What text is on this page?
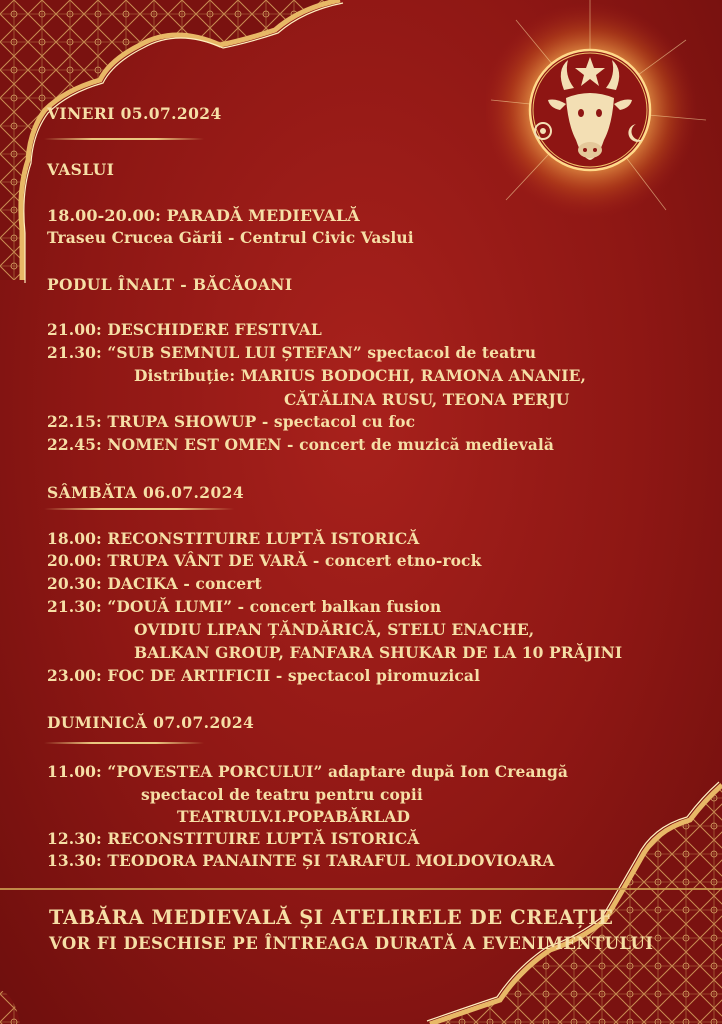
VINERI 05.07.2024
VASLUI
18.00-20.00: PARADĂ MEDIEVALĂ
Traseu Crucea Gării - Centrul Civic Vaslui
PODUL ÎNALT - BĂCĂOANI
21.00: DESCHIDERE FESTIVAL
21.30: “SUB SEMNUL LUI ȘTEFAN” spectacol de teatru
Distribuție: MARIUS BODOCHI, RAMONA ANANIE,
CĂTĂLINA RUSU, TEONA PERJU
22.15: TRUPA SHOWUP - spectacol cu foc
22.45: NOMEN EST OMEN - concert de muzică medievală
SÂMBĂTA 06.07.2024
18.00: RECONSTITUIRE LUPTĂ ISTORICĂ
20.00: TRUPA VÂNT DE VARĂ - concert etno-rock
20.30: DACIKA - concert
21.30: “DOUĂ LUMI” - concert balkan fusion
OVIDIU LIPAN ȚĂNDĂRICĂ, STELU ENACHE,
BALKAN GROUP, FANFARA SHUKAR DE LA 10 PRĂJINI
23.00: FOC DE ARTIFICII - spectacol piromuzical
DUMINICĂ 07.07.2024
11.00: “POVESTEA PORCULUI” adaptare după Ion Creangă
spectacol de teatru pentru copii
TEATRULV.I.POPABĂRLAD
12.30: RECONSTITUIRE LUPTĂ ISTORICĂ
13.30: TEODORA PANAINTE ȘI TARAFUL MOLDOVIOARA
TABĂRA MEDIEVALĂ ȘI ATELIRELE DE CREAȚIE
VOR FI DESCHISE PE ÎNTREAGA DURATĂ A EVENIMENTULUI
